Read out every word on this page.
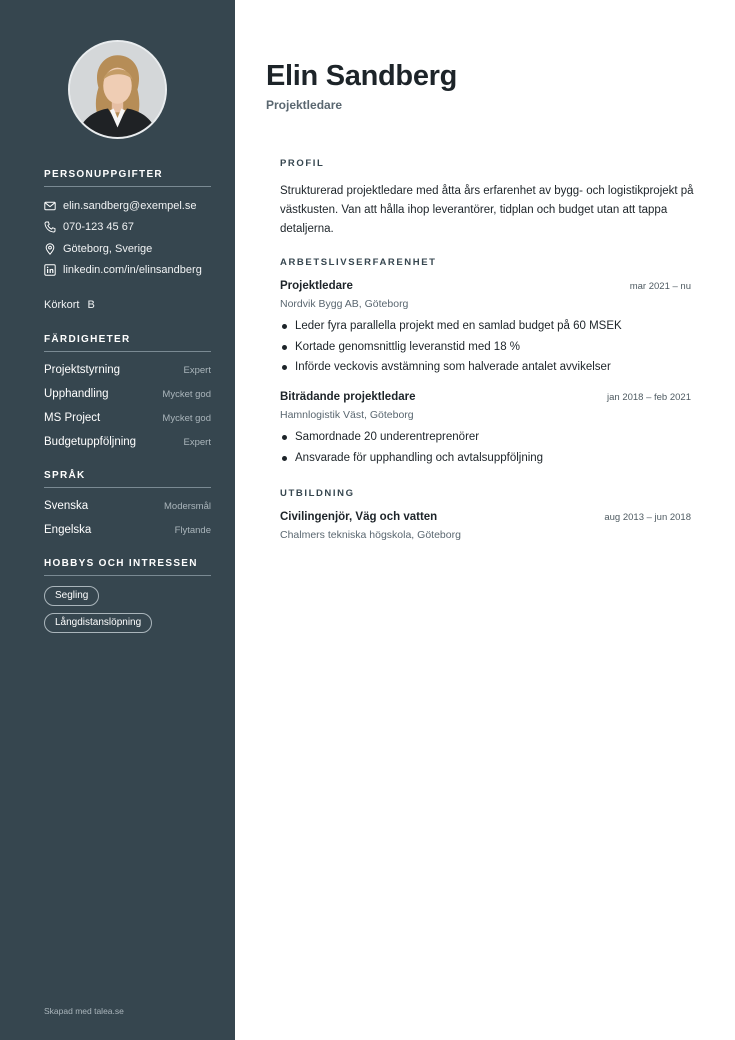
PERSONUPPGIFTER
elin.sandberg@exempel.se
070-123 45 67
Göteborg, Sverige
linkedin.com/in/elinsandberg
Körkort B
FÄRDIGHETER
Projektstyrning	Expert
Upphandling	Mycket god
MS Project	Mycket god
Budgetuppföljning	Expert
SPRÅK
Svenska	Modersmål
Engelska	Flytande
HOBBYS OCH INTRESSEN
Segling
Långdistanslöpning
Skapad med talea.se
Elin Sandberg
Projektledare
PROFIL
Strukturerad projektledare med åtta års erfarenhet av bygg- och logistikprojekt på västkusten. Van att hålla ihop leverantörer, tidplan och budget utan att tappa detaljerna.
ARBETSLIVSERFARENHET
Projektledare	mar 2021 – nu
Nordvik Bygg AB, Göteborg
Leder fyra parallella projekt med en samlad budget på 60 MSEK
Kortade genomsnittlig leveranstid med 18 %
Införde veckovis avstämning som halverade antalet avvikelser
Biträdande projektledare	jan 2018 – feb 2021
Hamnlogistik Väst, Göteborg
Samordnade 20 underentreprenörer
Ansvarade för upphandling och avtalsuppföljning
UTBILDNING
Civilingenjör, Väg och vatten	aug 2013 – jun 2018
Chalmers tekniska högskola, Göteborg
